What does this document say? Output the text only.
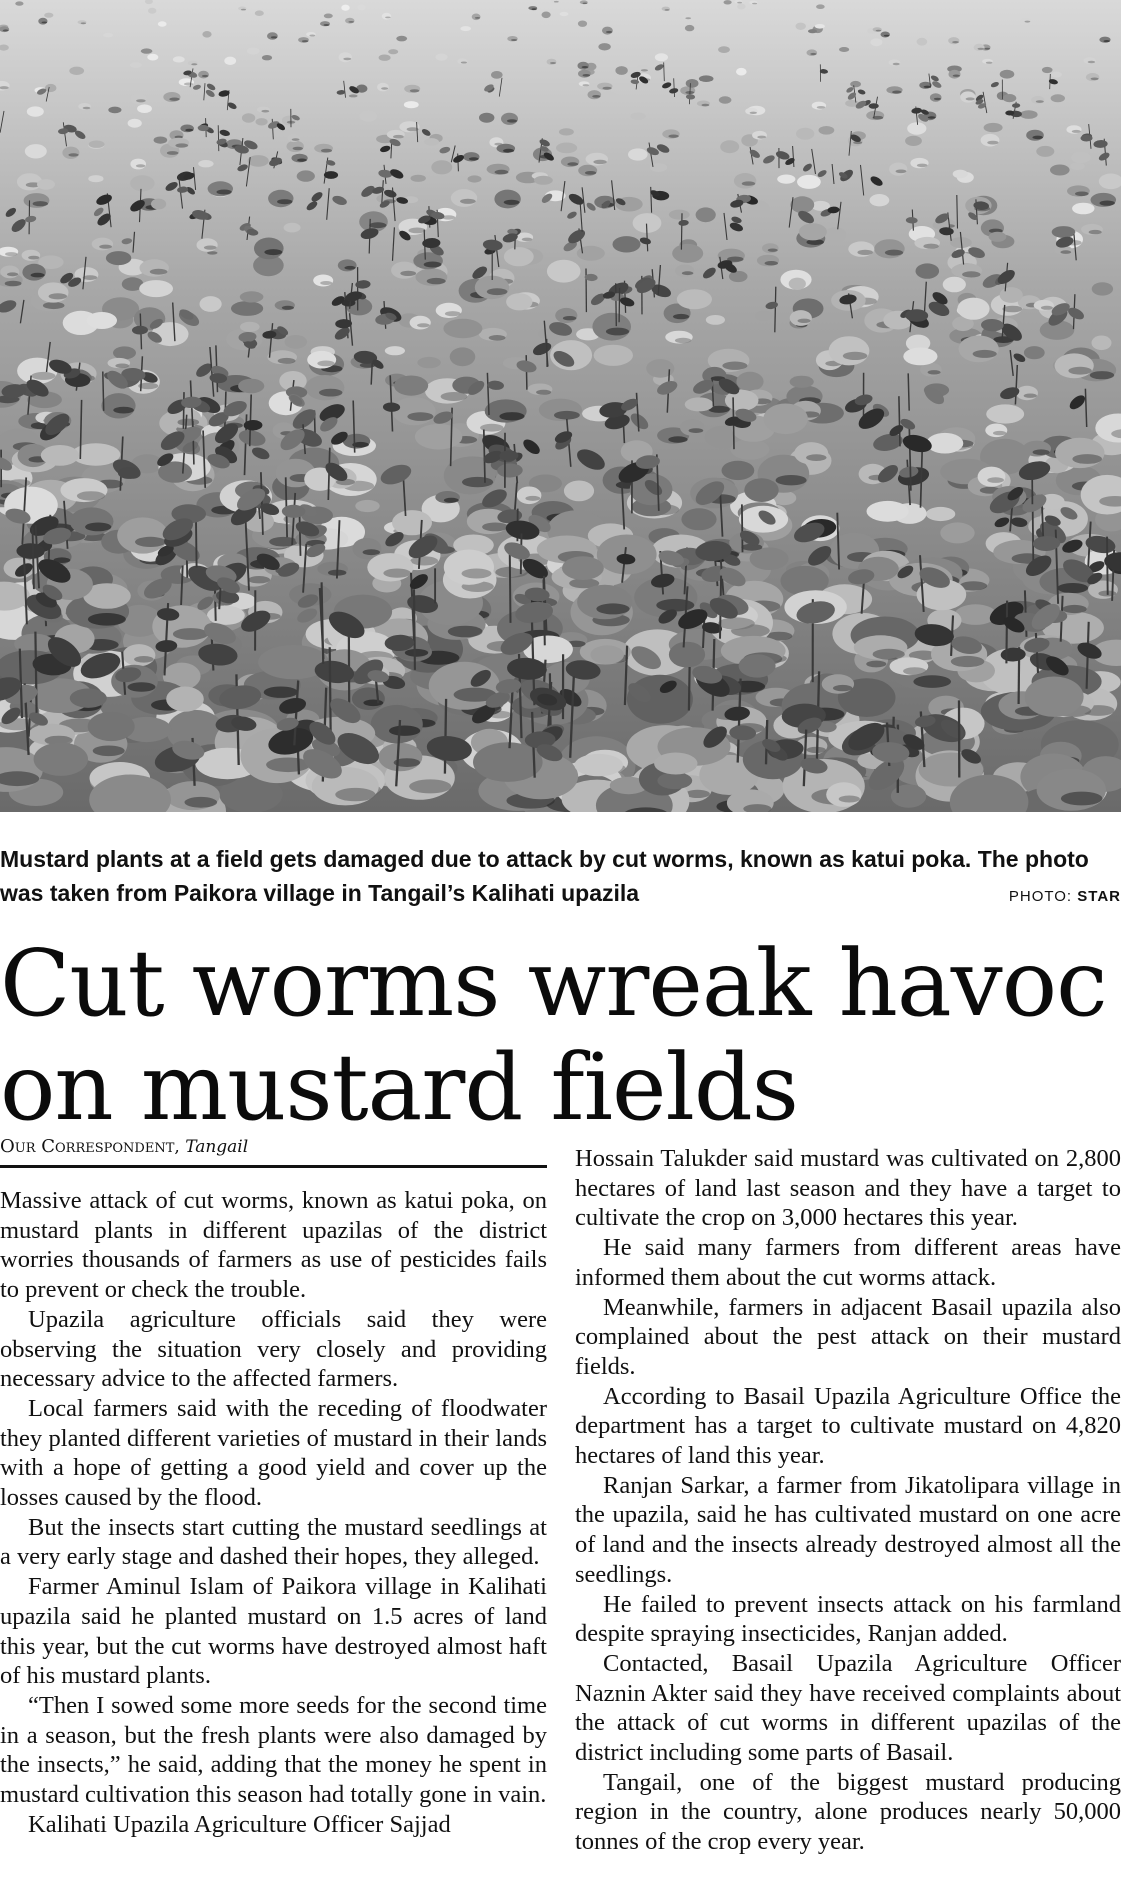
Mustard plants at a field gets damaged due to attack by cut worms, known as katui poka. The photo
was taken from Paikora village in Tangail’s Kalihati upazila	PHOTO: STAR
Cut worms wreak havoc
on mustard fields
Our Correspondent, Tangail

Massive attack of cut worms, known as katui poka, on mustard plants in different upazilas of the district worries thousands of farmers as use of pesticides fails to prevent or check the trouble.

Upazila agriculture officials said they were observing the situation very closely and providing necessary advice to the affected farmers.

Local farmers said with the receding of floodwater they planted different varieties of mustard in their lands with a hope of getting a good yield and cover up the losses caused by the flood.

But the insects start cutting the mustard seedlings at a very early stage and dashed their hopes, they alleged.

Farmer Aminul Islam of Paikora village in Kalihati upazila said he planted mustard on 1.5 acres of land this year, but the cut worms have destroyed almost haft of his mustard plants.

“Then I sowed some more seeds for the second time in a season, but the fresh plants were also damaged by the insects,” he said, adding that the money he spent in mustard cultivation this season had totally gone in vain.

Kalihati Upazila Agriculture Officer Sajjad

Hossain Talukder said mustard was cultivated on 2,800 hectares of land last season and they have a target to cultivate the crop on 3,000 hectares this year.

He said many farmers from different areas have informed them about the cut worms attack.

Meanwhile, farmers in adjacent Basail upazila also complained about the pest attack on their mustard fields.

According to Basail Upazila Agriculture Office the department has a target to cultivate mustard on 4,820 hectares of land this year.

Ranjan Sarkar, a farmer from Jikatolipara village in the upazila, said he has cultivated mustard on one acre of land and the insects already destroyed almost all the seedlings.

He failed to prevent insects attack on his farmland despite spraying insecticides, Ranjan added.

Contacted, Basail Upazila Agriculture Officer Naznin Akter said they have received complaints about the attack of cut worms in different upazilas of the district including some parts of Basail.

Tangail, one of the biggest mustard producing region in the country, alone produces nearly 50,000 tonnes of the crop every year.
